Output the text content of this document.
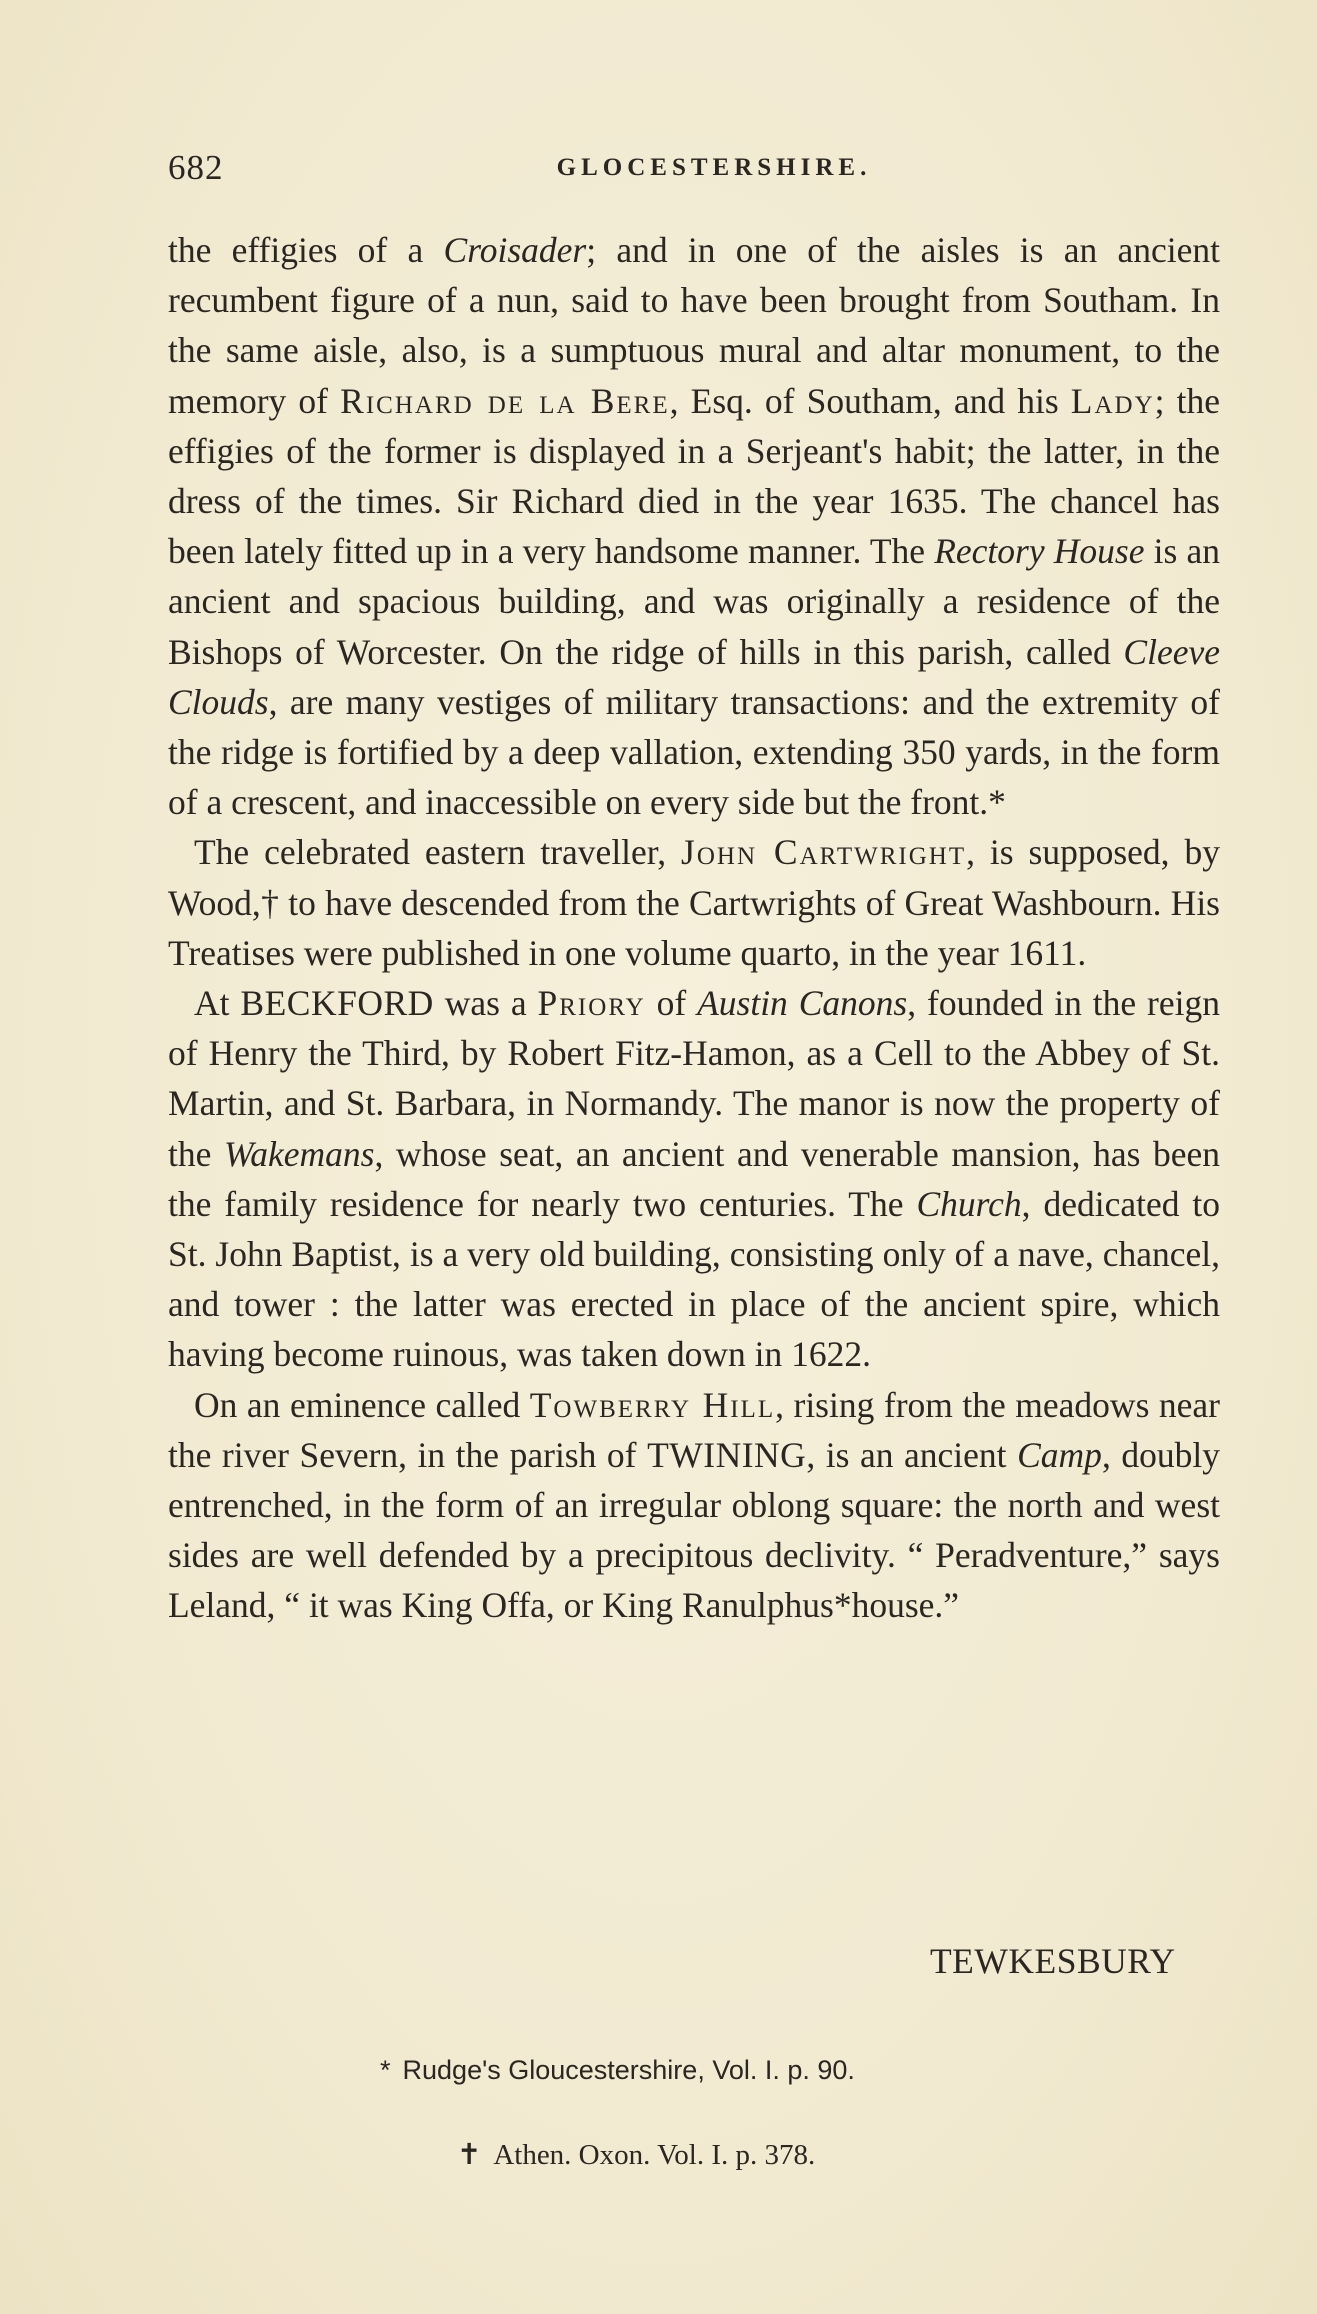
682	GLOCESTERSHIRE.

the effigies of a Croisader; and in one of the aisles is an ancient recumbent figure of a nun, said to have been brought from Southam. In the same aisle, also, is a sumptuous mural and altar monument, to the memory of Richard de la Bere, Esq. of Southam, and his Lady; the effigies of the former is displayed in a Serjeant's habit; the latter, in the dress of the times. Sir Richard died in the year 1635. The chancel has been lately fitted up in a very handsome manner. The Rectory House is an ancient and spacious building, and was originally a residence of the Bishops of Worcester. On the ridge of hills in this parish, called Cleeve Clouds, are many vestiges of military transactions: and the extremity of the ridge is fortified by a deep vallation, extending 350 yards, in the form of a crescent, and inaccessible on every side but the front.*

The celebrated eastern traveller, John Cartwright, is supposed, by Wood,† to have descended from the Cartwrights of Great Washbourn. His Treatises were published in one volume quarto, in the year 1611.

At BECKFORD was a Priory of Austin Canons, founded in the reign of Henry the Third, by Robert Fitz-Hamon, as a Cell to the Abbey of St. Martin, and St. Barbara, in Normandy. The manor is now the property of the Wakemans, whose seat, an ancient and venerable mansion, has been the family residence for nearly two centuries. The Church, dedicated to St. John Baptist, is a very old building, consisting only of a nave, chancel, and tower : the latter was erected in place of the ancient spire, which having become ruinous, was taken down in 1622.

On an eminence called Towberry Hill, rising from the meadows near the river Severn, in the parish of TWINING, is an ancient Camp, doubly entrenched, in the form of an irregular oblong square: the north and west sides are well defended by a precipitous declivity. “ Peradventure,” says Leland, “ it was King Offa, or King Ranulphus*house.”

TEWKESBURY
* Rudge's Gloucestershire, Vol. I. p. 90.
✝ Athen. Oxon. Vol. I. p. 378.
